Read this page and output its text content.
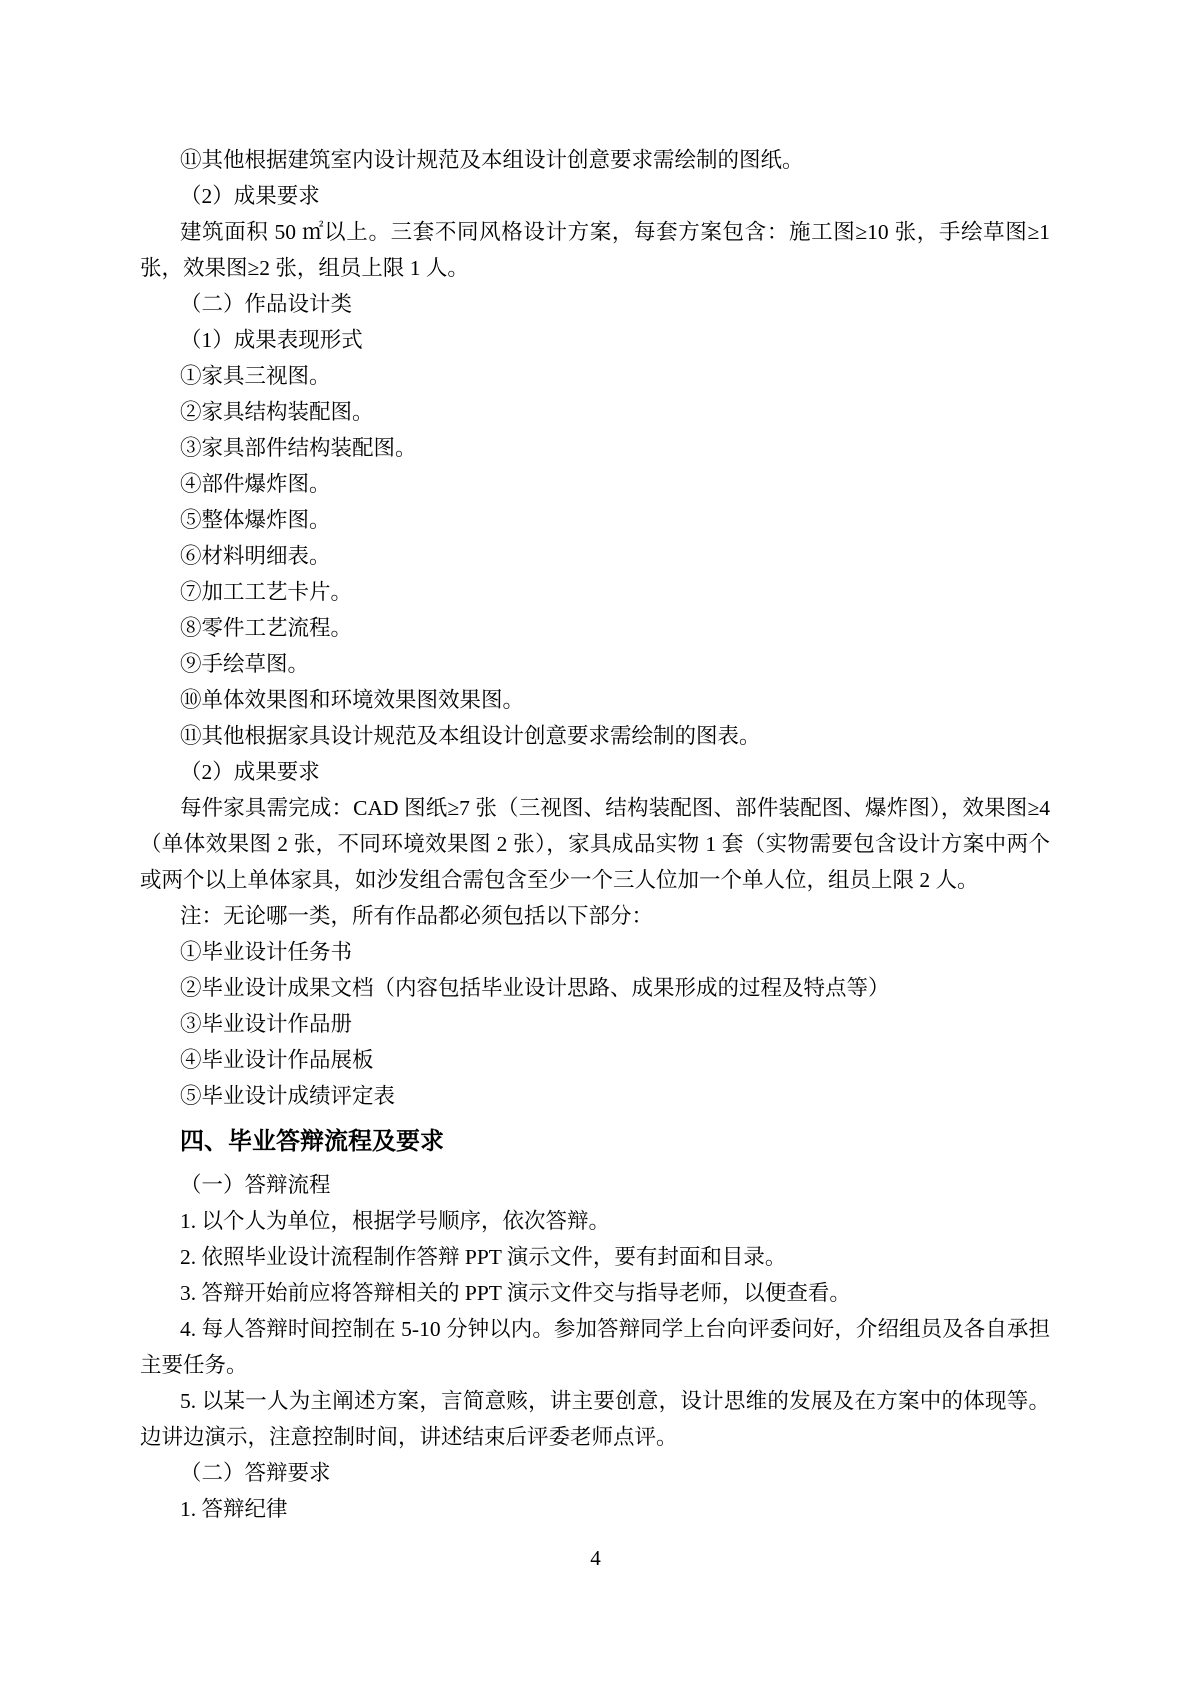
⑪其他根据建筑室内设计规范及本组设计创意要求需绘制的图纸。

（2）成果要求

建筑面积 50 ㎡以上。三套不同风格设计方案，每套方案包含：施工图≥10 张，手绘草图≥1 张，效果图≥2 张，组员上限 1 人。

（二）作品设计类

（1）成果表现形式

①家具三视图。

②家具结构装配图。

③家具部件结构装配图。

④部件爆炸图。

⑤整体爆炸图。

⑥材料明细表。

⑦加工工艺卡片。

⑧零件工艺流程。

⑨手绘草图。

⑩单体效果图和环境效果图效果图。

⑪其他根据家具设计规范及本组设计创意要求需绘制的图表。

（2）成果要求

每件家具需完成：CAD 图纸≥7 张（三视图、结构装配图、部件装配图、爆炸图），效果图≥4（单体效果图 2 张，不同环境效果图 2 张），家具成品实物 1 套（实物需要包含设计方案中两个或两个以上单体家具，如沙发组合需包含至少一个三人位加一个单人位，组员上限 2 人。

注：无论哪一类，所有作品都必须包括以下部分：

①毕业设计任务书

②毕业设计成果文档（内容包括毕业设计思路、成果形成的过程及特点等）

③毕业设计作品册

④毕业设计作品展板

⑤毕业设计成绩评定表

四、毕业答辩流程及要求

（一）答辩流程

1. 以个人为单位，根据学号顺序，依次答辩。

2. 依照毕业设计流程制作答辩 PPT 演示文件，要有封面和目录。

3. 答辩开始前应将答辩相关的 PPT 演示文件交与指导老师，以便查看。

4. 每人答辩时间控制在 5-10 分钟以内。参加答辩同学上台向评委问好，介绍组员及各自承担主要任务。

5. 以某一人为主阐述方案，言简意赅，讲主要创意，设计思维的发展及在方案中的体现等。边讲边演示，注意控制时间，讲述结束后评委老师点评。

（二）答辩要求

1. 答辩纪律

4
